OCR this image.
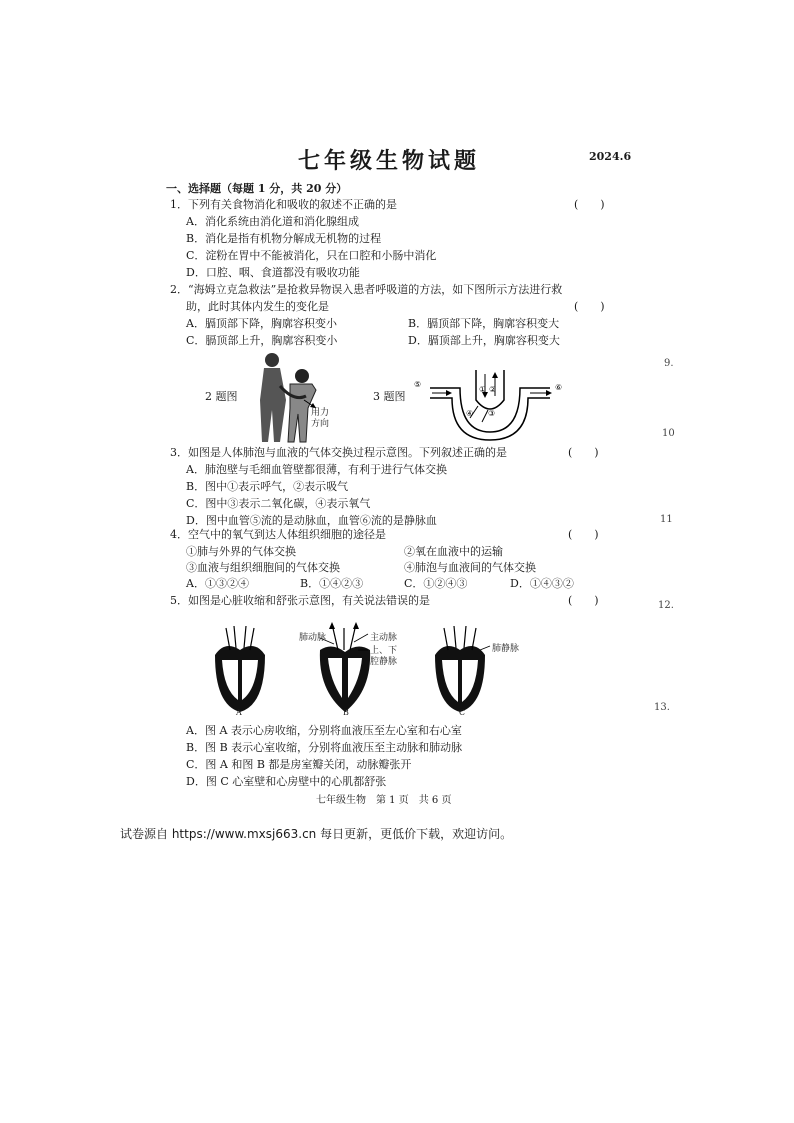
七年级生物试题	2024.6
一、选择题（每题 1 分，共 20 分）
1．下列有关食物消化和吸收的叙述不正确的是	(　　)
A．消化系统由消化道和消化腺组成
B．消化是指有机物分解成无机物的过程
C．淀粉在胃中不能被消化，只在口腔和小肠中消化
D．口腔、咽、食道都没有吸收功能
2．“海姆立克急救法”是抢救异物误入患者呼吸道的方法，如下图所示方法进行救
助，此时其体内发生的变化是	(　　)
A．膈顶部下降，胸廓容积变小	B．膈顶部下降，胸廓容积变大
C．膈顶部上升，胸廓容积变小	D．膈顶部上升，胸廓容积变大
2 题图
用力
方向
3 题图
⑤
① ②
④ ③
⑥
3．如图是人体肺泡与血液的气体交换过程示意图。下列叙述正确的是	(　　)
A．肺泡壁与毛细血管壁都很薄，有利于进行气体交换
B．图中①表示呼气，②表示吸气
C．图中③表示二氧化碳，④表示氧气
D．图中血管⑤流的是动脉血，血管⑥流的是静脉血
4．空气中的氧气到达人体组织细胞的途径是	(　　)
①肺与外界的气体交换	②氧在血液中的运输
③血液与组织细胞间的气体交换	④肺泡与血液间的气体交换
A．①③②④	B．①④②③	C．①②④③	D．①④③②
5．如图是心脏收缩和舒张示意图，有关说法错误的是	(　　)
肺动脉	主动脉
上、下
腔静脉
肺静脉
A	B	C
A．图 A 表示心房收缩，分别将血液压至左心室和右心室
B．图 B 表示心室收缩，分别将血液压至主动脉和肺动脉
C．图 A 和图 B 都是房室瓣关闭，动脉瓣张开
D．图 C 心室壁和心房壁中的心肌都舒张
七年级生物　第 1 页　共 6 页
试卷源自 https://www.mxsj663.cn 每日更新，更低价下载，欢迎访问。
9.
10
11
12.
13.
